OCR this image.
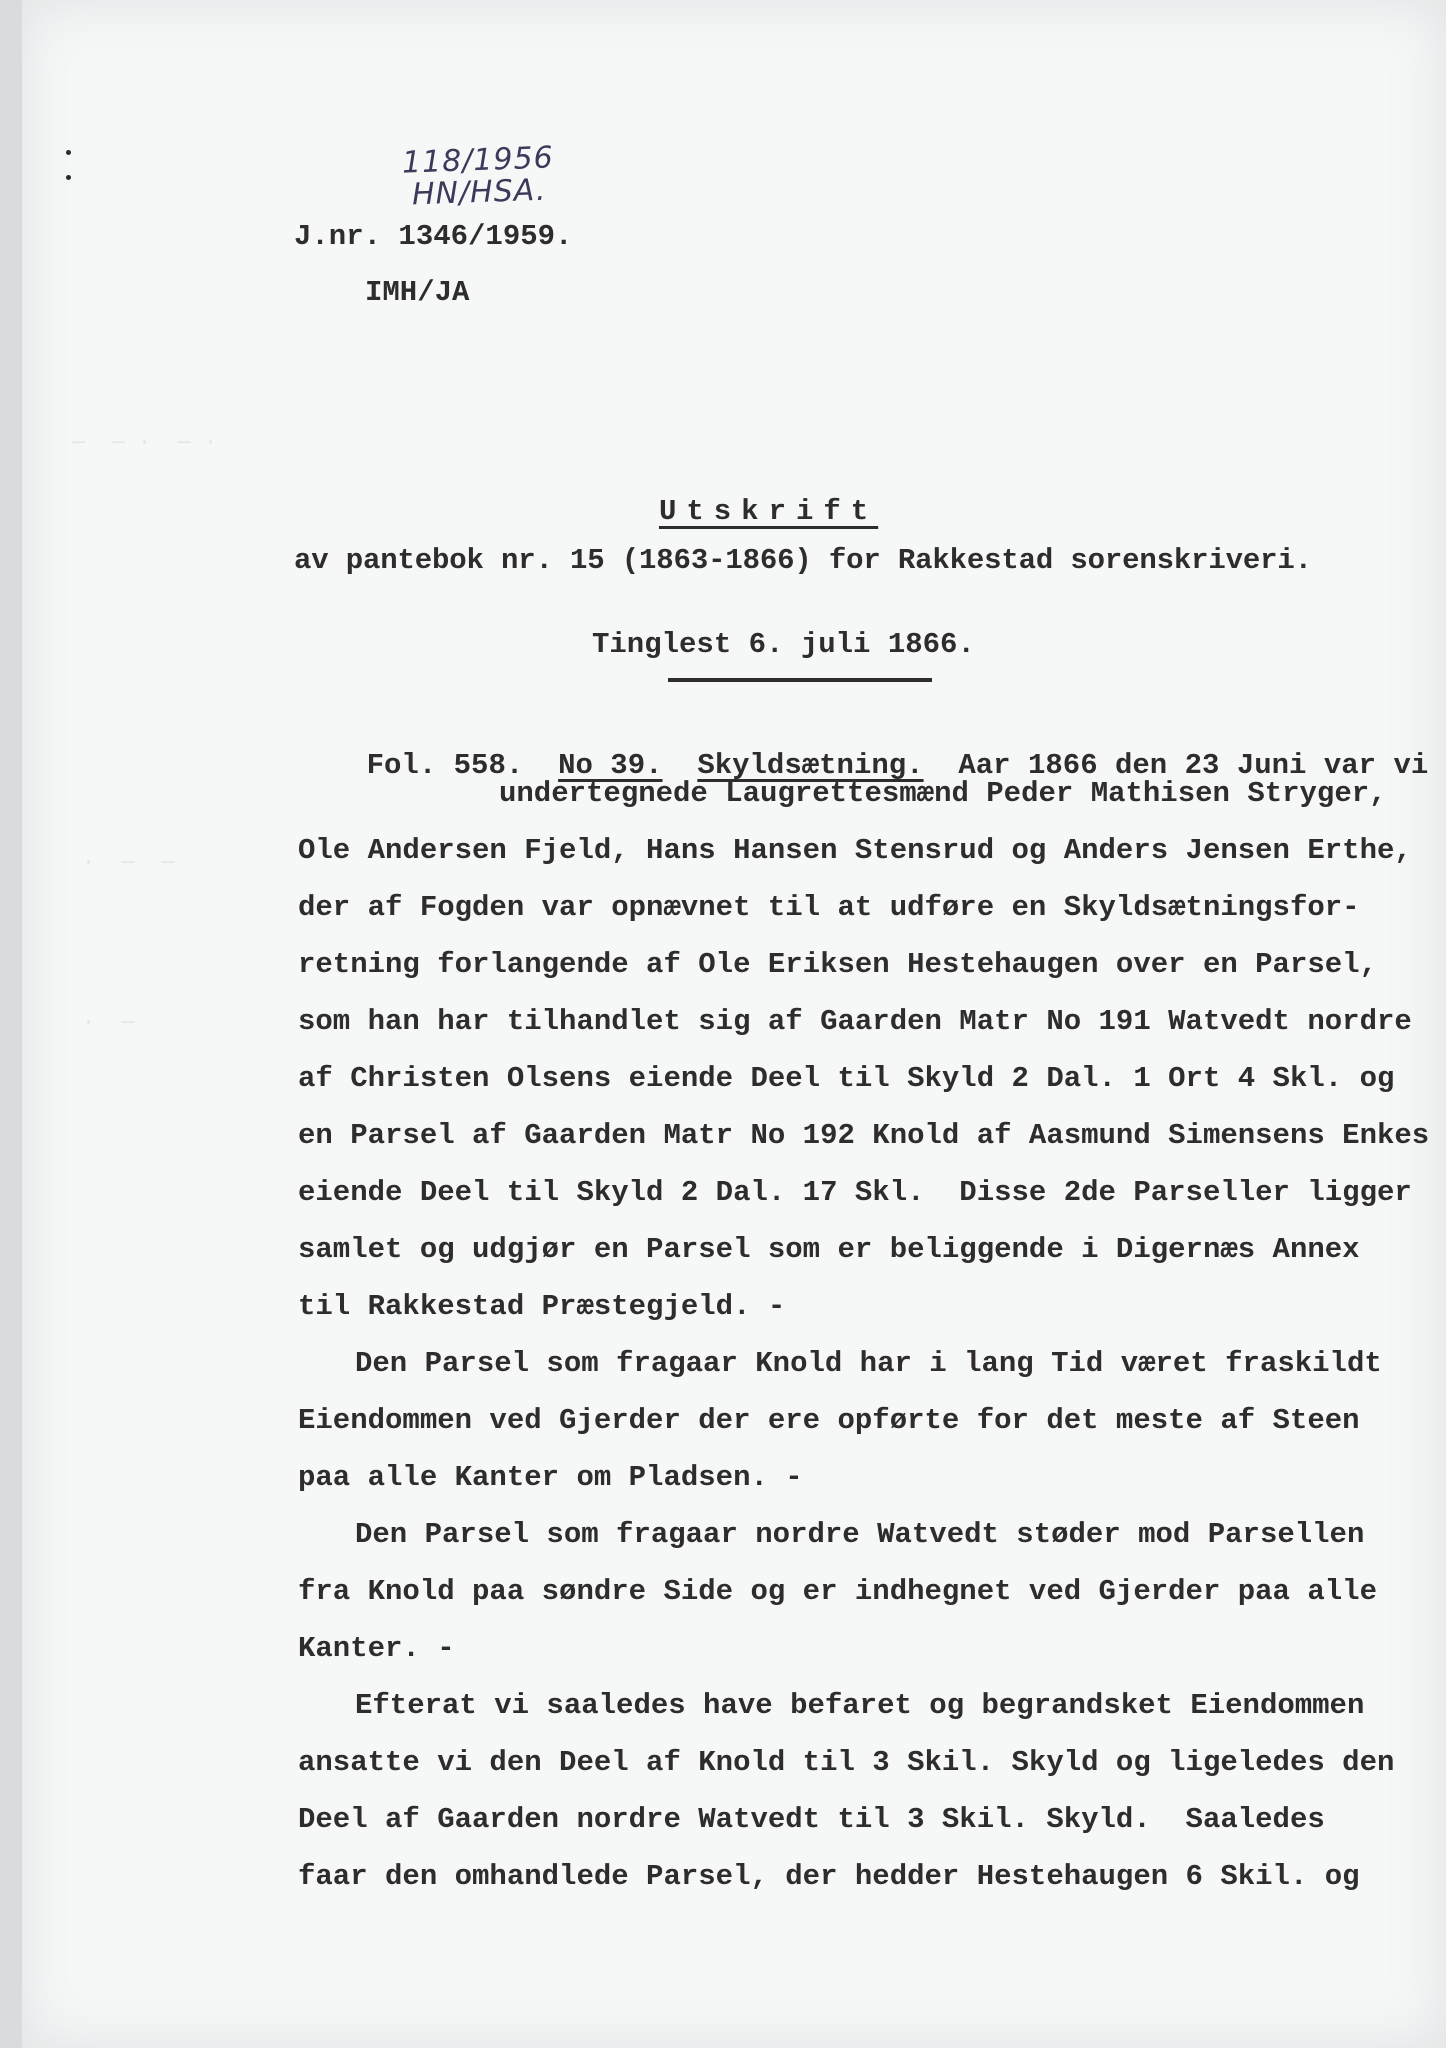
—  — ·  — ·
·  —  —
·  —
118/1956
HN/HSA.
J.nr. 1346/1959.
IMH/JA

Utskrift

av pantebok nr. 15 (1863-1866) for Rakkestad sorenskriveri.
Tinglest 6. juli 1866.

Fol. 558. No 39. Skyldsætning. Aar 1866 den 23 Juni var vi

undertegnede Laugrettesmænd Peder Mathisen Stryger,
Ole Andersen Fjeld, Hans Hansen Stensrud og Anders Jensen Erthe,
der af Fogden var opnævnet til at udføre en Skyldsætningsfor-
retning forlangende af Ole Eriksen Hestehaugen over en Parsel,
som han har tilhandlet sig af Gaarden Matr No 191 Watvedt nordre
af Christen Olsens eiende Deel til Skyld 2 Dal. 1 Ort 4 Skl. og
en Parsel af Gaarden Matr No 192 Knold af Aasmund Simensens Enkes
eiende Deel til Skyld 2 Dal. 17 Skl.  Disse 2de Parseller ligger
samlet og udgjør en Parsel som er beliggende i Digernæs Annex
til Rakkestad Præstegjeld. -
Den Parsel som fragaar Knold har i lang Tid været fraskildt
Eiendommen ved Gjerder der ere opførte for det meste af Steen
paa alle Kanter om Pladsen. -
Den Parsel som fragaar nordre Watvedt støder mod Parsellen
fra Knold paa søndre Side og er indhegnet ved Gjerder paa alle
Kanter. -
Efterat vi saaledes have befaret og begrandsket Eiendommen
ansatte vi den Deel af Knold til 3 Skil. Skyld og ligeledes den
Deel af Gaarden nordre Watvedt til 3 Skil. Skyld.  Saaledes
faar den omhandlede Parsel, der hedder Hestehaugen 6 Skil. og
